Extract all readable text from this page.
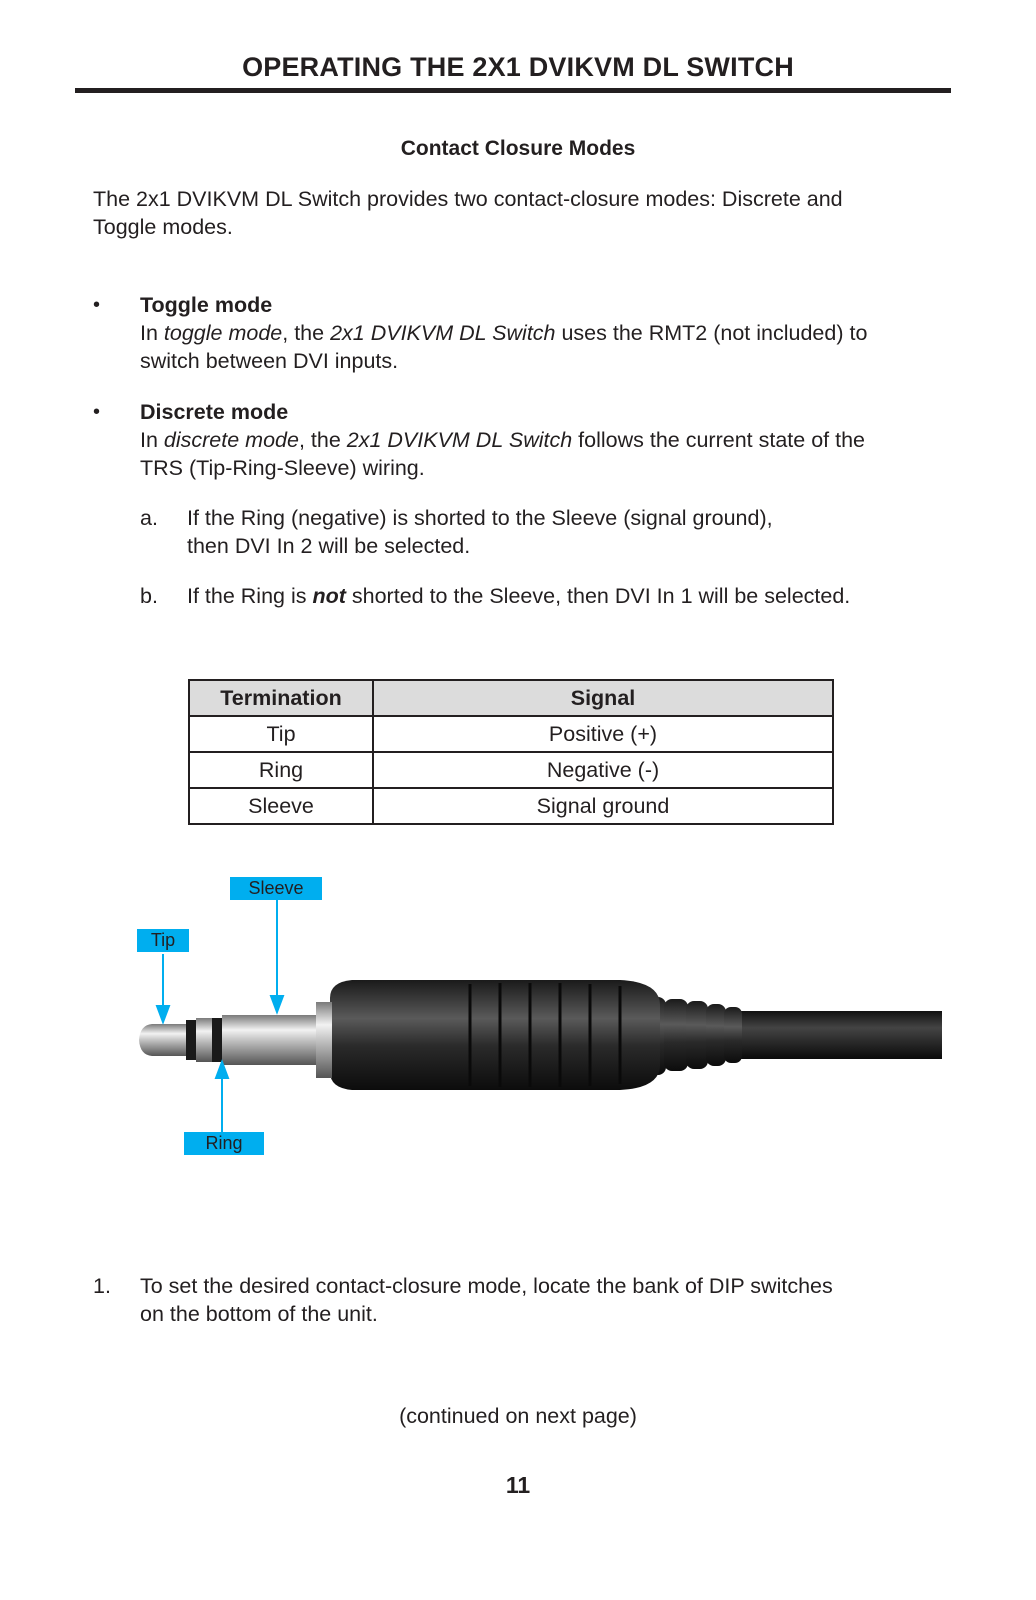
OPERATING THE 2X1 DVIKVM DL SWITCH
Contact Closure Modes
The 2x1 DVIKVM DL Switch provides two contact-closure modes: Discrete and
Toggle modes.
• Toggle mode
In toggle mode, the 2x1 DVIKVM DL Switch uses the RMT2 (not included) to
switch between DVI inputs.
• Discrete mode
In discrete mode, the 2x1 DVIKVM DL Switch follows the current state of the
TRS (Tip-Ring-Sleeve) wiring.
a. If the Ring (negative) is shorted to the Sleeve (signal ground),
then DVI In 2 will be selected.
b. If the Ring is not shorted to the Sleeve, then DVI In 1 will be selected.
Termination	Signal
Tip	Positive (+)
Ring	Negative (-)
Sleeve	Signal ground
Sleeve
Tip
Ring
1. To set the desired contact-closure mode, locate the bank of DIP switches
on the bottom of the unit.
(continued on next page)
11
